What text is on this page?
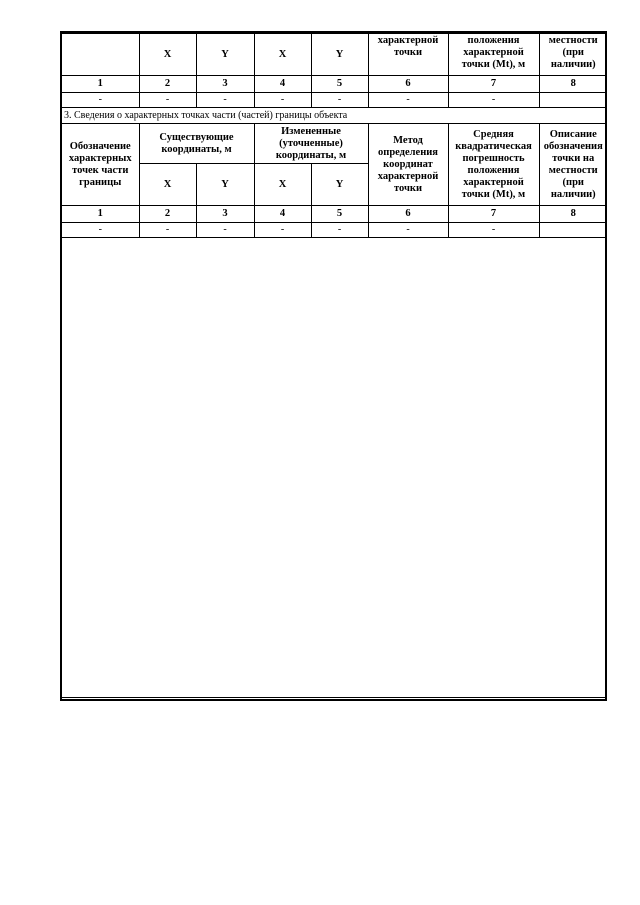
	X	Y	X	Y	характерной точки	положения характерной точки (Mt), м	местности (при наличии)
1	2	3	4	5	6	7	8
-	-	-	-	-	-	-	
3. Сведения о характерных точках части (частей) границы объекта							
Обозначение характерных точек части границы	Существующие координаты, м		Измененные (уточненные) координаты, м		Метод определения координат характерной точки	Средняя квадратическая погрешность положения характерной точки (Mt), м	Описание обозначения точки на местности (при наличии)
	X	Y	X	Y			
1	2	3	4	5	6	7	8
-	-	-	-	-	-	-	
